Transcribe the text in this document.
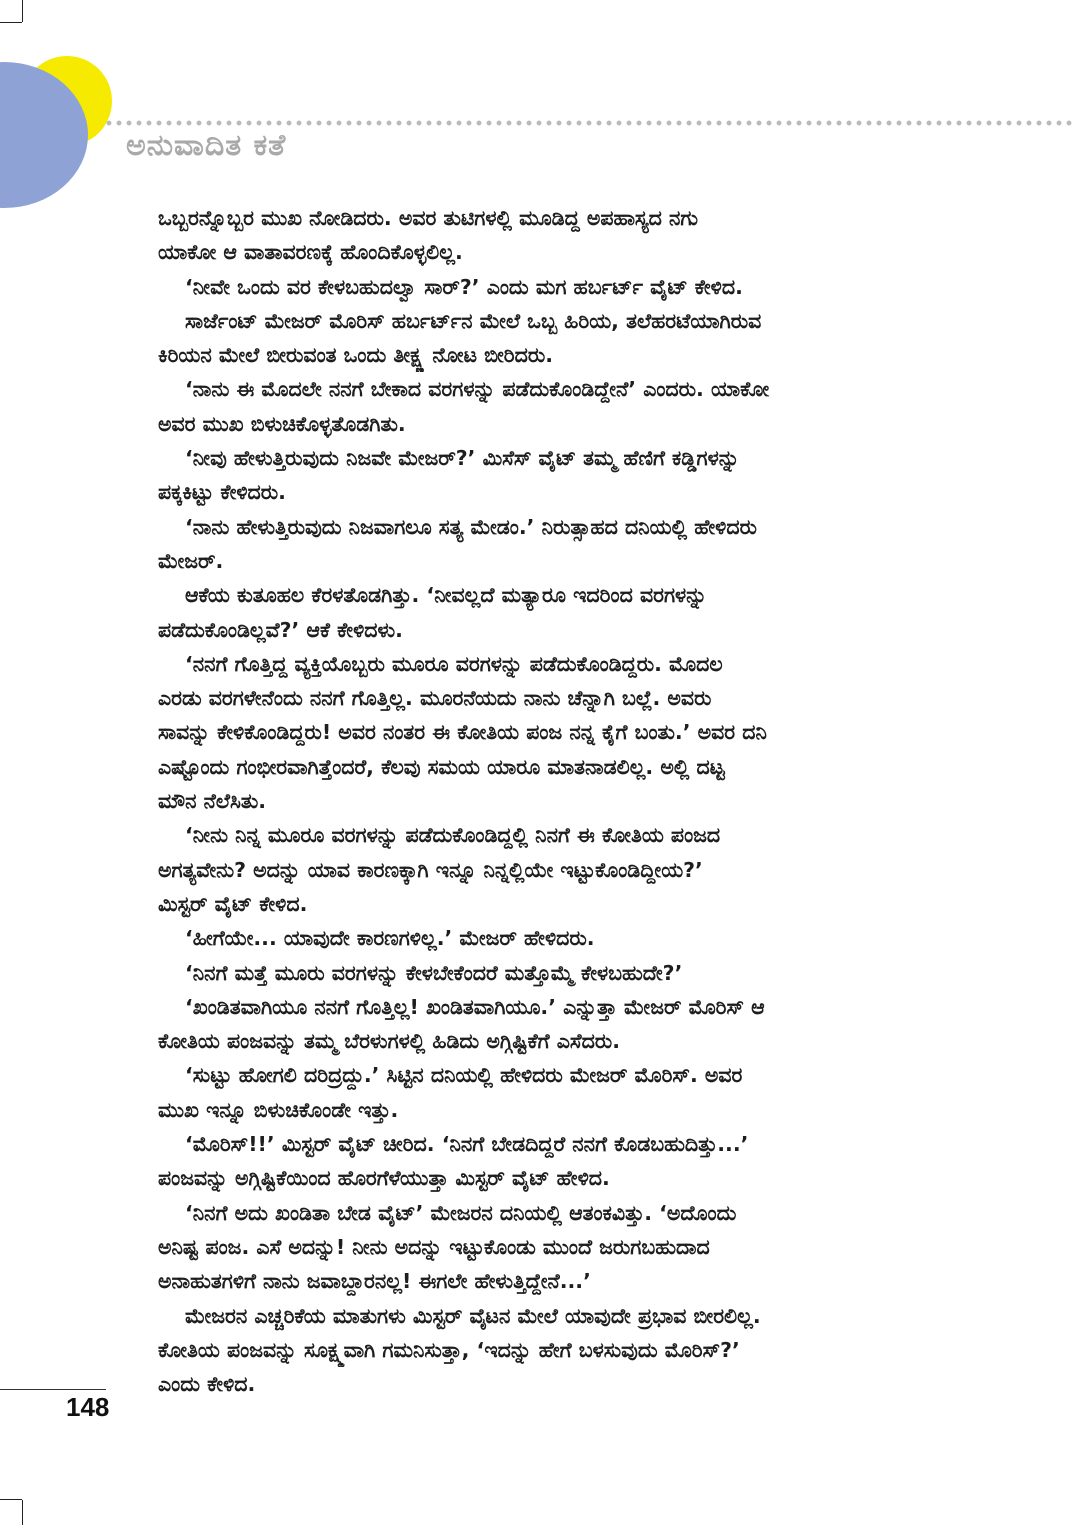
ಅನುವಾದಿತ ಕತೆ
ಒಬ್ಬರನ್ನೊಬ್ಬರ ಮುಖ ನೋಡಿದರು. ಅವರ ತುಟಿಗಳಲ್ಲಿ ಮೂಡಿದ್ದ ಅಪಹಾಸ್ಯದ ನಗು
ಯಾಕೋ ಆ ವಾತಾವರಣಕ್ಕೆ ಹೊಂದಿಕೊಳ್ಳಲಿಲ್ಲ.
‘ನೀವೇ ಒಂದು ವರ ಕೇಳಬಹುದಲ್ವಾ ಸಾರ್?’ ಎಂದು ಮಗ ಹರ್ಬರ್ಟ್ ವೈಟ್ ಕೇಳಿದ.
ಸಾರ್ಜೆಂಟ್ ಮೇಜರ್ ಮೊರಿಸ್ ಹರ್ಬರ್ಟ್‌ನ ಮೇಲೆ ಒಬ್ಬ ಹಿರಿಯ, ತಲೆಹರಟೆಯಾಗಿರುವ
ಕಿರಿಯನ ಮೇಲೆ ಬೀರುವಂತ ಒಂದು ತೀಕ್ಷ್ಣ ನೋಟ ಬೀರಿದರು.
‘ನಾನು ಈ ಮೊದಲೇ ನನಗೆ ಬೇಕಾದ ವರಗಳನ್ನು ಪಡೆದುಕೊಂಡಿದ್ದೇನೆ’ ಎಂದರು. ಯಾಕೋ
ಅವರ ಮುಖ ಬಿಳುಚಿಕೊಳ್ಳತೊಡಗಿತು.
‘ನೀವು ಹೇಳುತ್ತಿರುವುದು ನಿಜವೇ ಮೇಜರ್?’ ಮಿಸೆಸ್ ವೈಟ್ ತಮ್ಮ ಹೆಣಿಗೆ ಕಡ್ಡಿಗಳನ್ನು
ಪಕ್ಕಕಿಟ್ಟು ಕೇಳಿದರು.
‘ನಾನು ಹೇಳುತ್ತಿರುವುದು ನಿಜವಾಗಲೂ ಸತ್ಯ ಮೇಡಂ.’ ನಿರುತ್ಸಾಹದ ದನಿಯಲ್ಲಿ ಹೇಳಿದರು
ಮೇಜರ್.
ಆಕೆಯ ಕುತೂಹಲ ಕೆರಳತೊಡಗಿತ್ತು. ‘ನೀವಲ್ಲದೆ ಮತ್ಯಾರೂ ಇದರಿಂದ ವರಗಳನ್ನು
ಪಡೆದುಕೊಂಡಿಲ್ಲವೆ?’ ಆಕೆ ಕೇಳಿದಳು.
‘ನನಗೆ ಗೊತ್ತಿದ್ದ ವ್ಯಕ್ತಿಯೊಬ್ಬರು ಮೂರೂ ವರಗಳನ್ನು ಪಡೆದುಕೊಂಡಿದ್ದರು. ಮೊದಲ
ಎರಡು ವರಗಳೇನೆಂದು ನನಗೆ ಗೊತ್ತಿಲ್ಲ. ಮೂರನೆಯದು ನಾನು ಚೆನ್ನಾಗಿ ಬಲ್ಲೆ. ಅವರು
ಸಾವನ್ನು ಕೇಳಿಕೊಂಡಿದ್ದರು! ಅವರ ನಂತರ ಈ ಕೋತಿಯ ಪಂಜ ನನ್ನ ಕೈಗೆ ಬಂತು.’ ಅವರ ದನಿ
ಎಷ್ಟೊಂದು ಗಂಭೀರವಾಗಿತ್ತೆಂದರೆ, ಕೆಲವು ಸಮಯ ಯಾರೂ ಮಾತನಾಡಲಿಲ್ಲ. ಅಲ್ಲಿ ದಟ್ಟ
ಮೌನ ನೆಲೆಸಿತು.
‘ನೀನು ನಿನ್ನ ಮೂರೂ ವರಗಳನ್ನು ಪಡೆದುಕೊಂಡಿದ್ದಲ್ಲಿ ನಿನಗೆ ಈ ಕೋತಿಯ ಪಂಜದ
ಅಗತ್ಯವೇನು? ಅದನ್ನು ಯಾವ ಕಾರಣಕ್ಕಾಗಿ ಇನ್ನೂ ನಿನ್ನಲ್ಲಿಯೇ ಇಟ್ಟುಕೊಂಡಿದ್ದೀಯ?’
ಮಿಸ್ಟರ್ ವೈಟ್ ಕೇಳಿದ.
‘ಹೀಗೆಯೇ... ಯಾವುದೇ ಕಾರಣಗಳಿಲ್ಲ.’ ಮೇಜರ್ ಹೇಳಿದರು.
‘ನಿನಗೆ ಮತ್ತೆ ಮೂರು ವರಗಳನ್ನು ಕೇಳಬೇಕೆಂದರೆ ಮತ್ತೊಮ್ಮೆ ಕೇಳಬಹುದೇ?’
‘ಖಂಡಿತವಾಗಿಯೂ ನನಗೆ ಗೊತ್ತಿಲ್ಲ! ಖಂಡಿತವಾಗಿಯೂ.’ ಎನ್ನುತ್ತಾ ಮೇಜರ್ ಮೊರಿಸ್ ಆ
ಕೋತಿಯ ಪಂಜವನ್ನು ತಮ್ಮ ಬೆರಳುಗಳಲ್ಲಿ ಹಿಡಿದು ಅಗ್ಗಿಷ್ಟಿಕೆಗೆ ಎಸೆದರು.
‘ಸುಟ್ಟು ಹೋಗಲಿ ದರಿದ್ರದ್ದು.’ ಸಿಟ್ಟಿನ ದನಿಯಲ್ಲಿ ಹೇಳಿದರು ಮೇಜರ್ ಮೊರಿಸ್. ಅವರ
ಮುಖ ಇನ್ನೂ ಬಿಳುಚಿಕೊಂಡೇ ಇತ್ತು.
‘ಮೊರಿಸ್!!’ ಮಿಸ್ಟರ್ ವೈಟ್ ಚೀರಿದ. ‘ನಿನಗೆ ಬೇಡದಿದ್ದರೆ ನನಗೆ ಕೊಡಬಹುದಿತ್ತು...’
ಪಂಜವನ್ನು ಅಗ್ಗಿಷ್ಟಿಕೆಯಿಂದ ಹೊರಗೆಳೆಯುತ್ತಾ ಮಿಸ್ಟರ್ ವೈಟ್ ಹೇಳಿದ.
‘ನಿನಗೆ ಅದು ಖಂಡಿತಾ ಬೇಡ ವೈಟ್’ ಮೇಜರನ ದನಿಯಲ್ಲಿ ಆತಂಕವಿತ್ತು. ‘ಅದೊಂದು
ಅನಿಷ್ಟ ಪಂಜ. ಎಸೆ ಅದನ್ನು! ನೀನು ಅದನ್ನು ಇಟ್ಟುಕೊಂಡು ಮುಂದೆ ಜರುಗಬಹುದಾದ
ಅನಾಹುತಗಳಿಗೆ ನಾನು ಜವಾಬ್ದಾರನಲ್ಲ! ಈಗಲೇ ಹೇಳುತ್ತಿದ್ದೇನೆ...’
ಮೇಜರನ ಎಚ್ಚರಿಕೆಯ ಮಾತುಗಳು ಮಿಸ್ಟರ್ ವೈಟನ ಮೇಲೆ ಯಾವುದೇ ಪ್ರಭಾವ ಬೀರಲಿಲ್ಲ.
ಕೋತಿಯ ಪಂಜವನ್ನು ಸೂಕ್ಷ್ಮವಾಗಿ ಗಮನಿಸುತ್ತಾ, ‘ಇದನ್ನು ಹೇಗೆ ಬಳಸುವುದು ಮೊರಿಸ್?’
ಎಂದು ಕೇಳಿದ.
148
